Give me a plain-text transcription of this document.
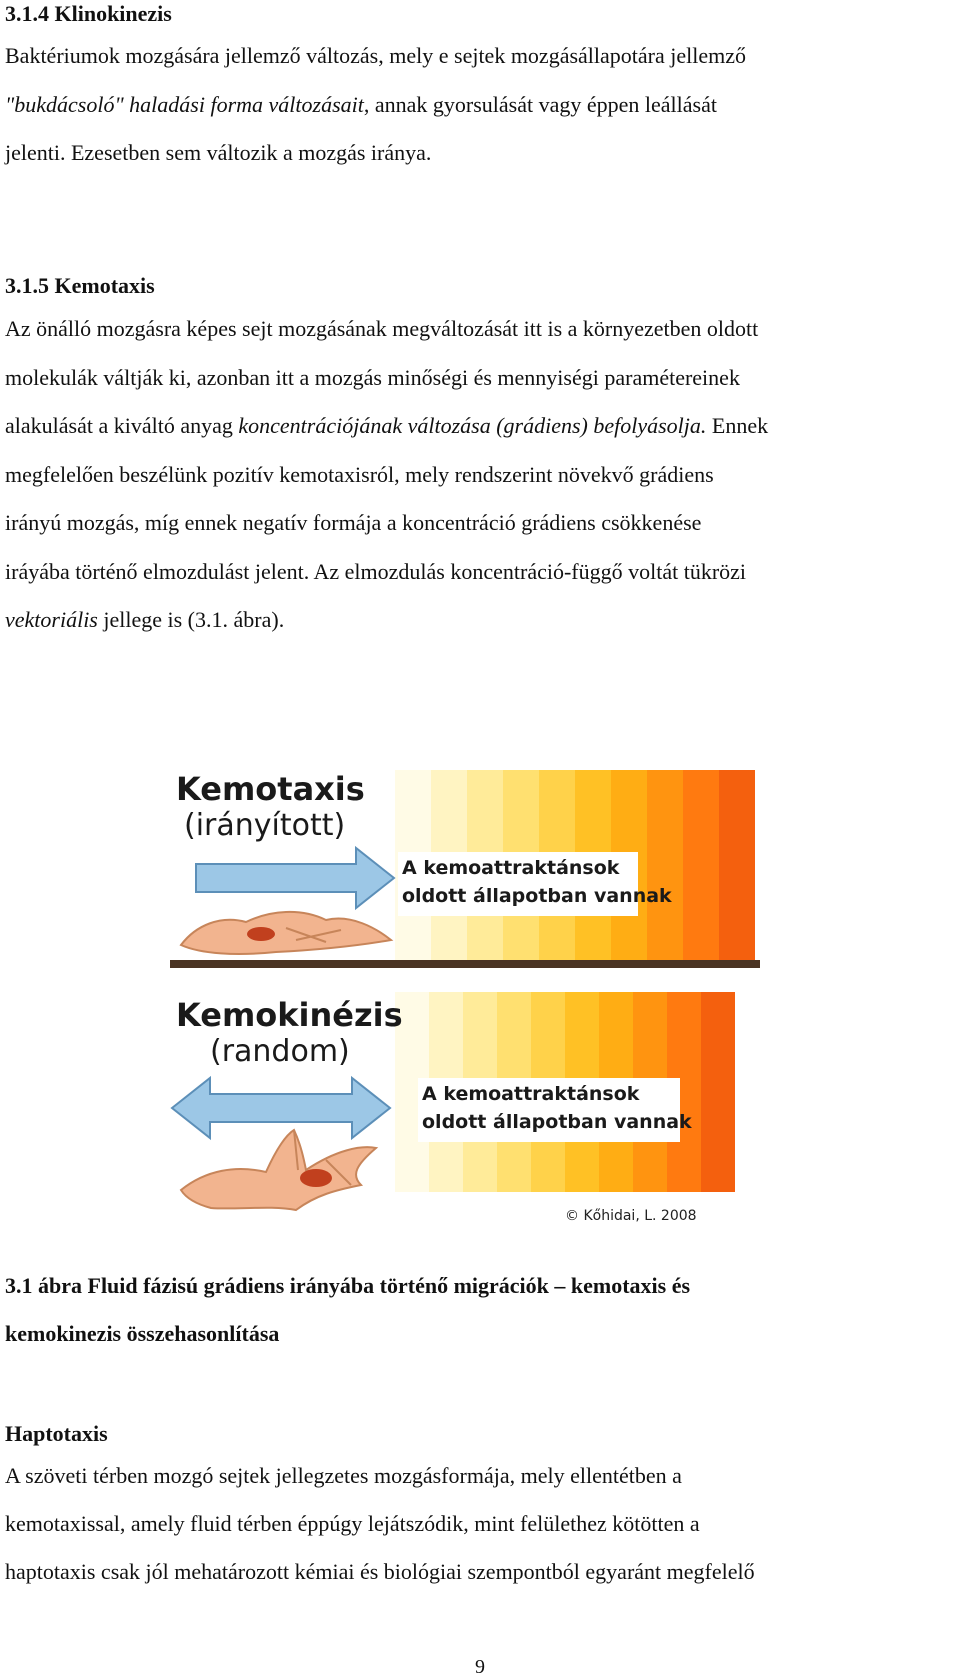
3.1.4 Klinokinezis

Baktériumok mozgására jellemző változás, mely e sejtek mozgásállapotára jellemző
"bukdácsoló" haladási forma változásait, annak gyorsulását vagy éppen leállását
jelenti. Ezesetben sem változik a mozgás iránya.

3.1.5 Kemotaxis

Az önálló mozgásra képes sejt mozgásának megváltozását itt is a környezetben oldott
molekulák váltják ki, azonban itt a mozgás minőségi és mennyiségi paramétereinek
alakulását a kiváltó anyag koncentrációjának változása (grádiens) befolyásolja. Ennek
megfelelően beszélünk pozitív kemotaxisról, mely rendszerint növekvő grádiens
irányú mozgás, míg ennek negatív formája a koncentráció grádiens csökkenése
iráyába történő elmozdulást jelent. Az elmozdulás koncentráció-függő voltát tükrözi
vektoriális jellege is (3.1. ábra).

Kemotaxis
(irányított)
A kemoattraktánsok
oldott állapotban vannak
Kemokinézis
(random)
A kemoattraktánsok
oldott állapotban vannak
© Kőhidai, L. 2008

3.1 ábra Fluid fázisú grádiens irányába történő migrációk – kemotaxis és
kemokinezis összehasonlítása

Haptotaxis

A szöveti térben mozgó sejtek jellegzetes mozgásformája, mely ellentétben a
kemotaxissal, amely fluid térben éppúgy lejátszódik, mint felülethez kötötten a
haptotaxis csak jól mehatározott kémiai és biológiai szempontból egyaránt megfelelő

9
